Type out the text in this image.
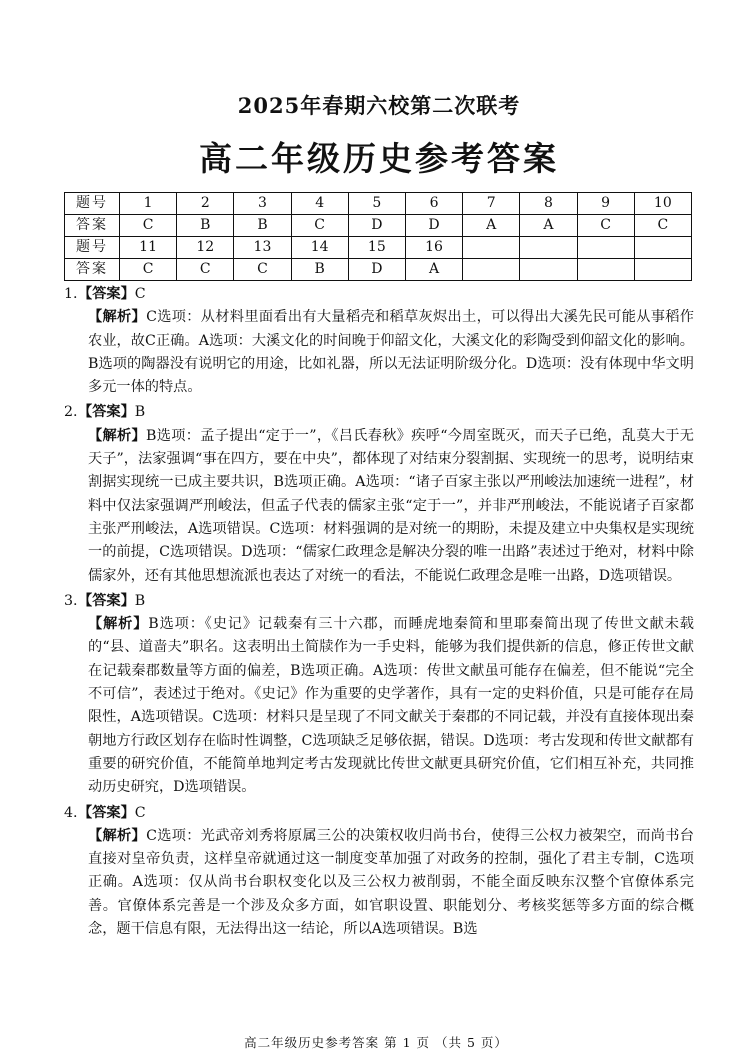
2025年春期六校第二次联考
高二年级历史参考答案
题号	1	2	3	4	5	6	7	8	9	10
答案	C	B	B	C	D	D	A	A	C	C
题号	11	12	13	14	15	16				
答案	C	C	C	B	D	A				
1.【答案】C
【解析】C选项：从材料里面看出有大量稻壳和稻草灰烬出土，可以得出大溪先民可能从事稻作农业，故C正确。A选项：大溪文化的时间晚于仰韶文化，大溪文化的彩陶受到仰韶文化的影响。B选项的陶器没有说明它的用途，比如礼器，所以无法证明阶级分化。D选项：没有体现中华文明多元一体的特点。
2.【答案】B
【解析】B选项：孟子提出“定于一”，《吕氏春秋》疾呼“今周室既灭，而天子已绝，乱莫大于无天子”，法家强调“事在四方，要在中央”，都体现了对结束分裂割据、实现统一的思考，说明结束割据实现统一已成主要共识，B选项正确。A选项：“诸子百家主张以严刑峻法加速统一进程”，材料中仅法家强调严刑峻法，但孟子代表的儒家主张“定于一”，并非严刑峻法，不能说诸子百家都主张严刑峻法，A选项错误。C选项：材料强调的是对统一的期盼，未提及建立中央集权是实现统一的前提，C选项错误。D选项：“儒家仁政理念是解决分裂的唯一出路”表述过于绝对，材料中除儒家外，还有其他思想流派也表达了对统一的看法，不能说仁政理念是唯一出路，D选项错误。
3.【答案】B
【解析】B选项：《史记》记载秦有三十六郡，而睡虎地秦简和里耶秦简出现了传世文献未载的“县、道啬夫”职名。这表明出土简牍作为一手史料，能够为我们提供新的信息，修正传世文献在记载秦郡数量等方面的偏差，B选项正确。A选项：传世文献虽可能存在偏差，但不能说“完全不可信”，表述过于绝对。《史记》作为重要的史学著作，具有一定的史料价值，只是可能存在局限性，A选项错误。C选项：材料只是呈现了不同文献关于秦郡的不同记载，并没有直接体现出秦朝地方行政区划存在临时性调整，C选项缺乏足够依据，错误。D选项：考古发现和传世文献都有重要的研究价值，不能简单地判定考古发现就比传世文献更具研究价值，它们相互补充，共同推动历史研究，D选项错误。
4.【答案】C
【解析】C选项：光武帝刘秀将原属三公的决策权收归尚书台，使得三公权力被架空，而尚书台直接对皇帝负责，这样皇帝就通过这一制度变革加强了对政务的控制，强化了君主专制，C选项正确。A选项：仅从尚书台职权变化以及三公权力被削弱，不能全面反映东汉整个官僚体系完善。官僚体系完善是一个涉及众多方面，如官职设置、职能划分、考核奖惩等多方面的综合概念，题干信息有限，无法得出这一结论，所以A选项错误。B选
高二年级历史参考答案 第 1 页 （共 5 页）
